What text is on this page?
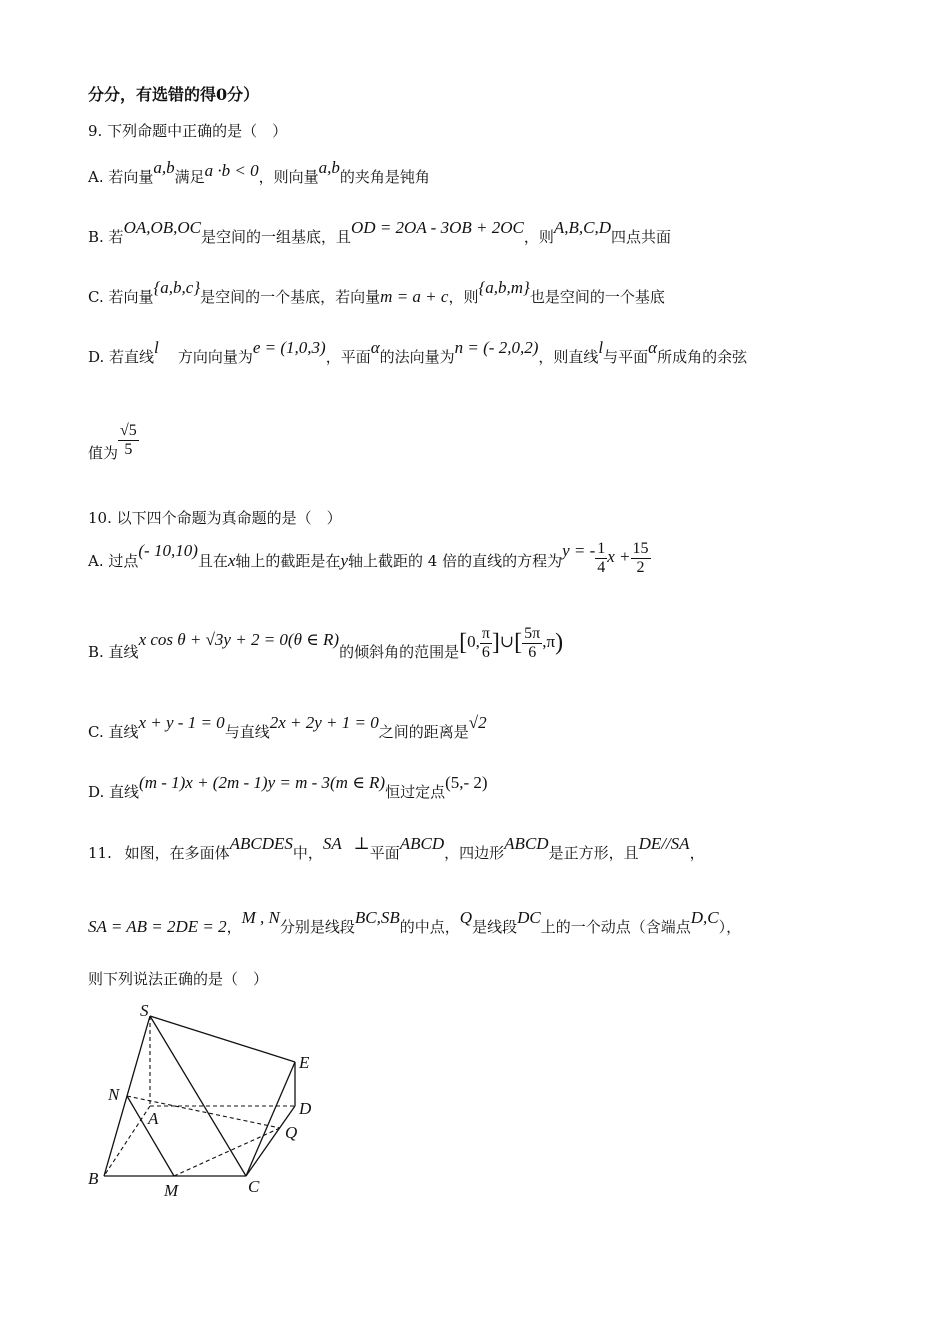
分分，有选错的得0分）
9. 下列命题中正确的是（　）
A. 若向量a,b满足a ·b < 0，则向量a,b的夹角是钝角
B. 若OA,OB,OC是空间的一组基底，且OD = 2OA - 3OB + 2OC，则A,B,C,D四点共面
C. 若向量{a,b,c}是空间的一个基底，若向量m = a + c，则{a,b,m}也是空间的一个基底
D. 若直线l 方向向量为e = (1,0,3)，平面α的法向量为n = (- 2,0,2)，则直线l与平面α所成角的余弦
值为 $\frac{√5}{5}$
10. 以下四个命题为真命题的是（　）
A. 过点(- 10,10)且在x轴上的截距是在y轴上截距的 4 倍的直线的方程为y = - $\frac{1}{4}$ $x + \frac{15}{2}$
B. 直线x cos θ + √3y + 2 = 0(θ ∈ R)的倾斜角的范围是[0, $\frac{\pi}{6}$ ]∪[ $\frac{5\pi}{6} ,\pi$)
C. 直线x + y - 1 = 0与直线2x + 2y + 1 = 0之间的距离是√2
D. 直线(m - 1)x + (2m - 1)y = m - 3(m ∈ R)恒过定点(5,- 2)
11. 如图，在多面体ABCDES中，SA ⊥平面ABCD，四边形ABCD是正方形，且DE//SA，
SA = AB = 2DE = 2，M , N分别是线段BC,SB的中点，Q是线段DC上的一个动点（含端点D,C），
则下列说法正确的是（　）
S
E
N
D
A
Q
B
M	C
